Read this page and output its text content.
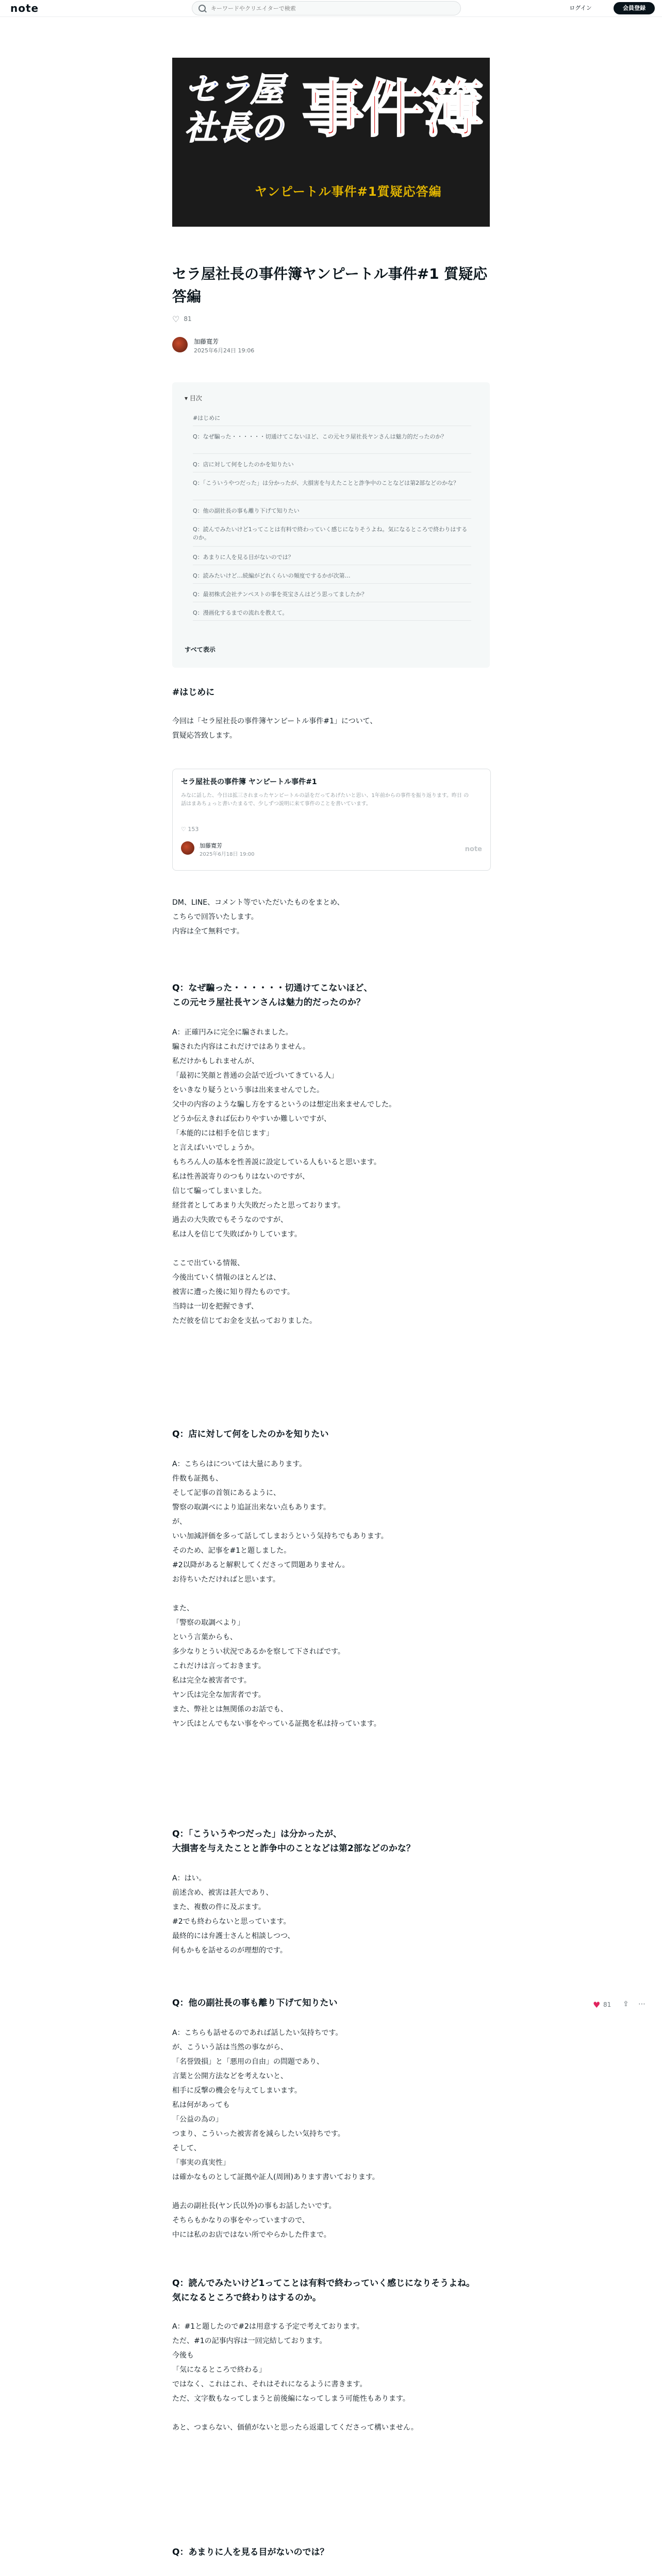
note
キーワードやクリエイターで検索	ログイン	会員登録
セラ屋
社長の 事件簿
ヤンピートル事件#1質疑応答編
セラ屋社長の事件簿ヤンピートル事件#1 質疑応答編
♡ 81
加藤寛芳
2025年6月24日 19:06
▾ 目次
#はじめに
Q：なぜ騙った・・・・・・切通けてこないほど、この元セラ屋社長ヤンさんは魅力的だったのか？
Q：店に対して何をしたのかを知りたい
Q：「こういうやつだった」は分かったが、大損害を与えたことと詐争中のことなどは第2部などのかな？
Q：他の副社長の事も離り下げて知りたい
Q：読んでみたいけど1ってことは有料で終わっていく感じになりそうよね。気になるところで終わりはするのか。
Q：あまりに人を見る目がないのでは？
Q：読みたいけど…続編がどれくらいの頻度でするかが次第…
Q：最初株式会社テンペストの事を英宝さんはどう思ってましたか？
Q：漫画化するまでの流れを教えて。
すべて表示
#はじめに
今回は「セラ屋社長の事件簿ヤンピートル事件#1」について、
質疑応答致します。
セラ屋社長の事件簿 ヤンピートル事件#1
みなに話した、今日は拡三されまったヤンピートルの話をだってあげたいと思い、1年前からの事件を振り返ります。昨日 の話はまあちょっと書いたまるで、少しずつ説明に来て事件のことを書いています。
♡ 153
加藤寛芳
2025年6月18日 19:00
note
DM、LINE、コメント等でいただいたものをまとめ、
こちらで回答いたします。
内容は全て無料です。
Q：なぜ騙った・・・・・・切通けてこないほど、
この元セラ屋社長ヤンさんは魅力的だったのか？
A：正確円みに完全に騙されました。
騙された内容はこれだけではありません。
私だけかもしれませんが、
「最初に笑顔と普通の会話で近づいてきている人」
をいきなり疑うという事は出来ませんでした。
父中の内容のような騙し方をするというのは想定出来ませんでした。
どうか伝えきれば伝わりやすいか難しいですが、
「本能的には相手を信じます」
と言えばいいでしょうか。
もちろん人の基本を性善説に設定している人もいると思います。
私は性善説寄りのつもりはないのですが、
信じて騙ってしまいました。
経営者としてあまり大失敗だったと思っております。
過去の大失敗でもそうなのですが、
私は人を信じて失敗ばかりしています。

ここで出ている情報、
今後出ていく情報のほとんどは、
被害に遭った後に知り得たものです。
当時は一切を把握できず、
ただ彼を信じてお金を支払っておりました。
Q：店に対して何をしたのかを知りたい
A：こちらはについては大量にあります。
件数も証拠も、
そして記事の首領にあるように、
警察の取調べにより追証出来ない点もあります。
が、
いい加減評価を多って話してしまおうという気持ちでもあります。
そのため、記事を#1と題しました。
#2以降があると解釈してくださって問題ありません。
お待ちいただければと思います。

また、
「警察の取調べより」
という言葉からも、
多少なりとうい状況であるかを察して下さればです。
これだけは言っておきます。
私は完全な被害者です。
ヤン氏は完全な加害者です。
また、弊社とは無関係のお話でも、
ヤン氏はとんでもない事をやっている証拠を私は持っています。
Q：「こういうやつだった」は分かったが、
大損害を与えたことと詐争中のことなどは第2部などのかな？
A：はい。
前述含め、被害は甚大であり、
また、複数の件に及ぶます。
#2でも終わらないと思っています。
最終的には弁護士さんと相談しつつ、
何もかもを話せるのが理想的です。
Q：他の副社長の事も離り下げて知りたい
A：こちらも話せるのであれば話したい気持ちです。
が、こういう話は当然の事ながら、
「名誉毀損」と「悪用の自由」の問題であり、
言葉と公開方法などを考えないと、
相手に反撃の機会を与えてしまいます。
私は何があっても
「公益の為の」
つまり、こういった被害者を減らしたい気持ちです。
そして、
「事実の真実性」
は確かなものとして証拠や証人(周囲)あります書いております。

過去の副社長(ヤン氏以外)の事もお話したいです。
そちらもかなりの事をやっていますので、
中には私のお店ではない所でやらかした件まで。
♥ 81 ⇪ ⋯
Q：読んでみたいけど1ってことは有料で終わっていく感じになりそうよね。
気になるところで終わりはするのか。
A：#1と題したので#2は用意する予定で考えております。
ただ、#1の記事内容は一回完結しております。
今後も
「気になるところで終わる」
ではなく、これはこれ、それはそれになるように書きます。
ただ、文字数もなってしまうと前後編になってしまう可能性もあります。

あと、つまらない、価値がないと思ったら返還してくださって構いません。
Q：あまりに人を見る目がないのでは？
